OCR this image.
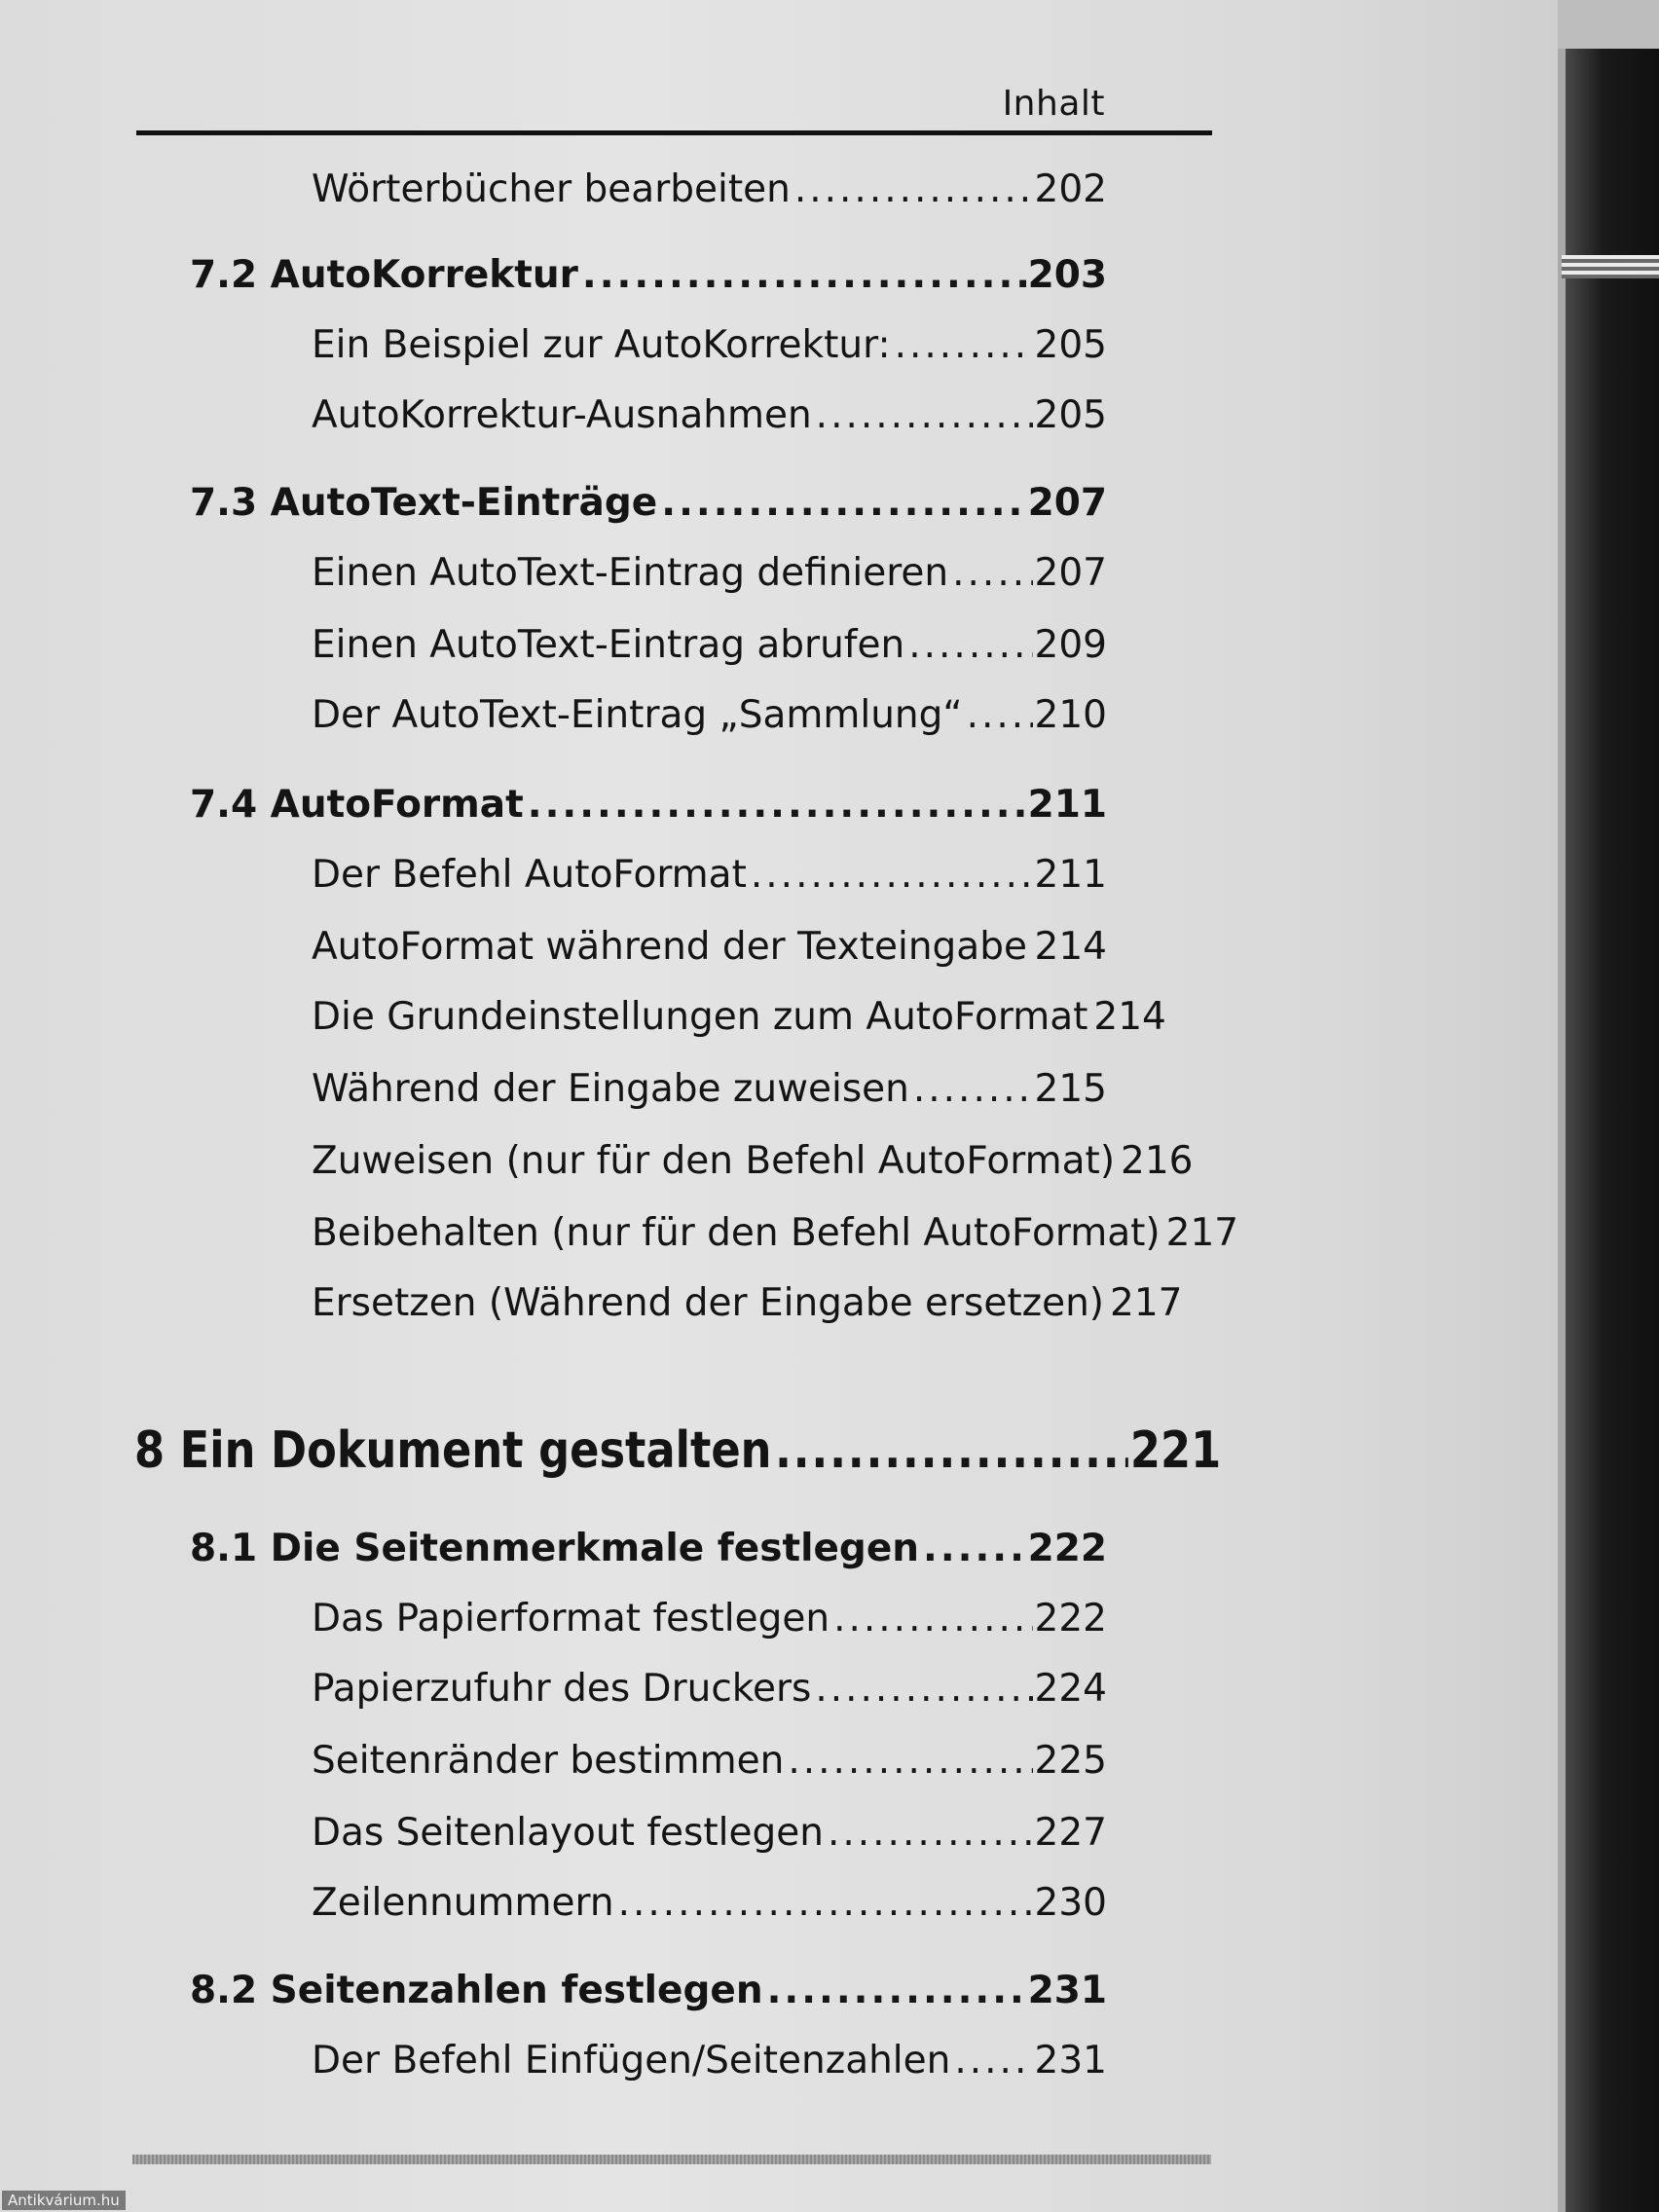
Inhalt
Wörterbücher bearbeiten .....	202
7.2 AutoKorrektur .....	203
Ein Beispiel zur AutoKorrektur: .....	205
AutoKorrektur-Ausnahmen .....	205
7.3 AutoText-Einträge .....	207
Einen AutoText-Eintrag definieren ..... 207
Einen AutoText-Eintrag abrufen .....	209
Der AutoText-Eintrag „Sammlung“ ..... 210
7.4 AutoFormat .....	211
Der Befehl AutoFormat .....	211
AutoFormat während der Texteingabe ..... 214
Die Grundeinstellungen zum AutoFormat 214
Während der Eingabe zuweisen .....	215
Zuweisen (nur für den Befehl AutoFormat) 216
Beibehalten (nur für den Befehl AutoFormat) 217
Ersetzen (Während der Eingabe ersetzen) 217
8 Ein Dokument gestalten .....	221
8.1 Die Seitenmerkmale festlegen .....	222
Das Papierformat festlegen .....	222
Papierzufuhr des Druckers .....	224
Seitenränder bestimmen .....	225
Das Seitenlayout festlegen .....	227
Zeilennummern .....	230
8.2 Seitenzahlen festlegen .....	231
Der Befehl Einfügen/Seitenzahlen ..... 231
Antikvárium.hu
